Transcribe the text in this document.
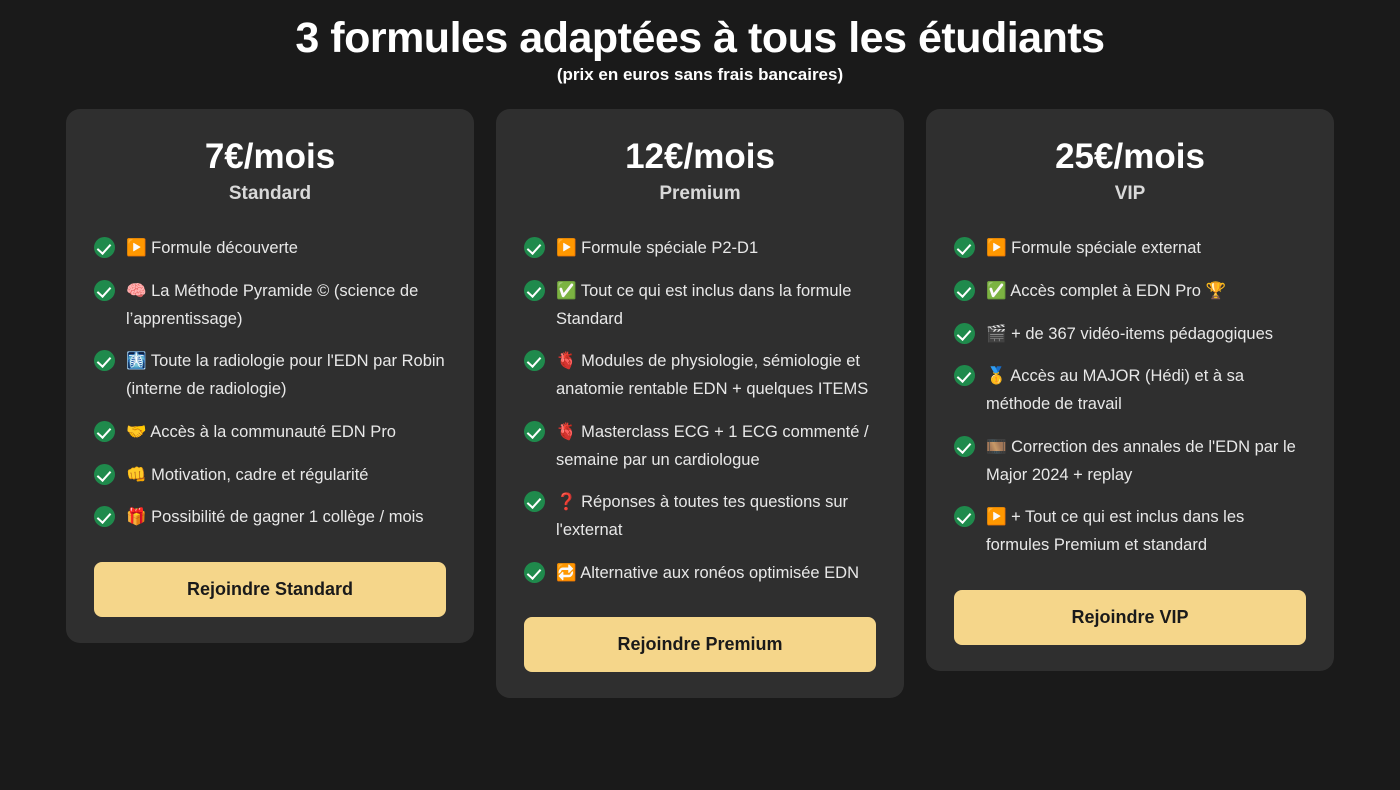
3 formules adaptées à tous les étudiants
(prix en euros sans frais bancaires)
7€/mois
Standard
▶️ Formule découverte
🧠 La Méthode Pyramide © (science de l’apprentissage)
🩻 Toute la radiologie pour l'EDN par Robin (interne de radiologie)
🤝 Accès à la communauté EDN Pro
👊 Motivation, cadre et régularité
🎁 Possibilité de gagner 1 collège / mois
Rejoindre Standard
12€/mois
Premium
▶️ Formule spéciale P2-D1
✅ Tout ce qui est inclus dans la formule Standard
🫀 Modules de physiologie, sémiologie et anatomie rentable EDN + quelques ITEMS
🫀 Masterclass ECG + 1 ECG commenté / semaine par un cardiologue
❓ Réponses à toutes tes questions sur l'externat
🔁 Alternative aux ronéos optimisée EDN
Rejoindre Premium
25€/mois
VIP
▶️ Formule spéciale externat
✅ Accès complet à EDN Pro 🏆
🎬 + de 367 vidéo-items pédagogiques
🥇 Accès au MAJOR (Hédi) et à sa méthode de travail
🎞️ Correction des annales de l'EDN par le Major 2024 + replay
▶️ + Tout ce qui est inclus dans les formules Premium et standard
Rejoindre VIP
